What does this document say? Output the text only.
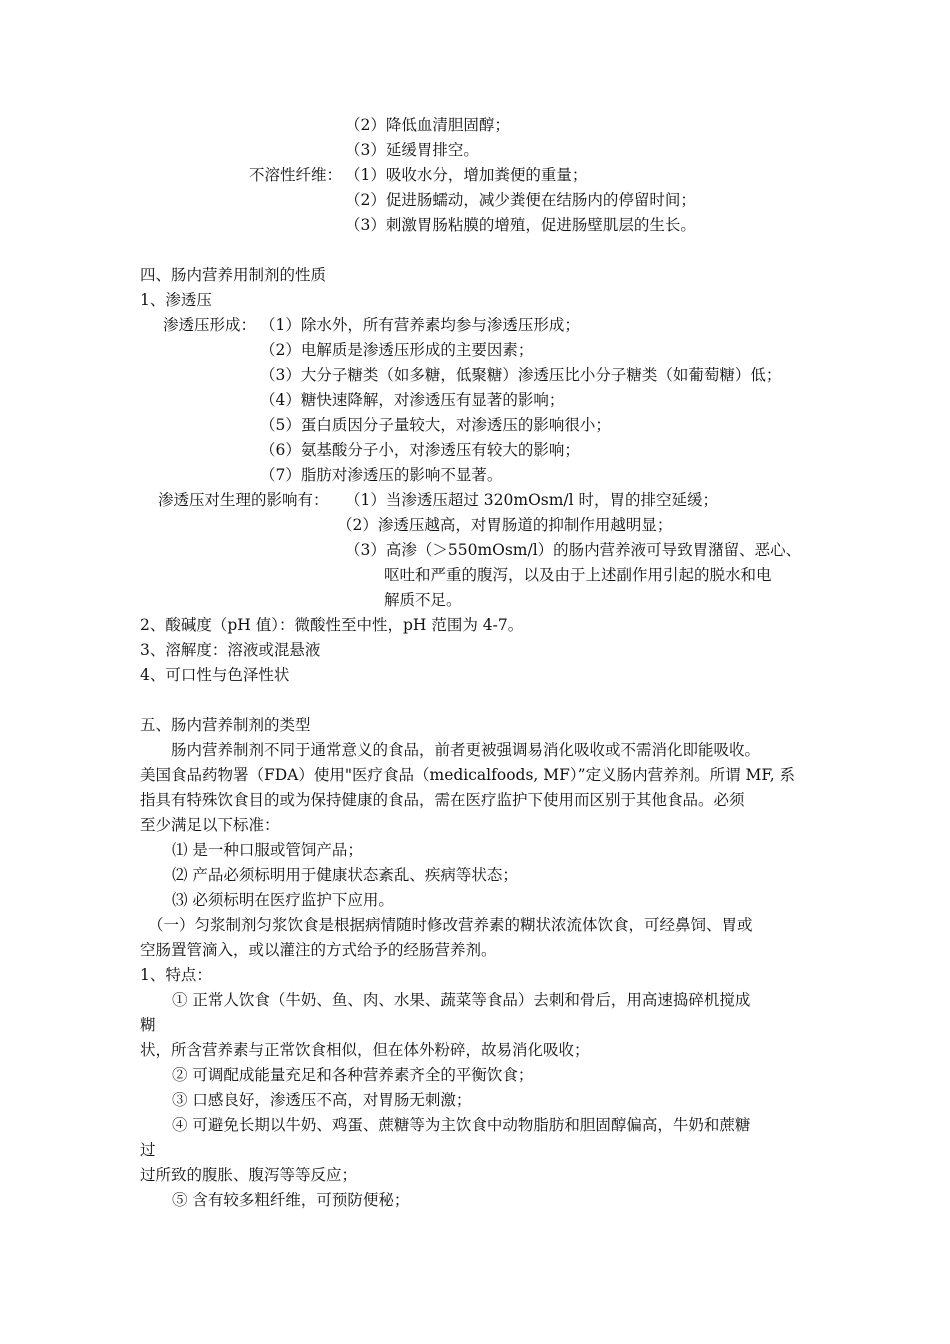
（2）降低血清胆固醇；

（3）延缓胃排空。

不溶性纤维： （1）吸收水分，增加粪便的重量；

（2）促进肠蠕动，减少粪便在结肠内的停留时间；

（3）刺激胃肠粘膜的增殖，促进肠壁肌层的生长。

四、肠内营养用制剂的性质

1、渗透压

渗透压形成： （1）除水外，所有营养素均参与渗透压形成；

（2）电解质是渗透压形成的主要因素；

（3）大分子糖类（如多糖，低聚糖）渗透压比小分子糖类（如葡萄糖）低；

（4）糖快速降解，对渗透压有显著的影响；

（5）蛋白质因分子量较大，对渗透压的影响很小；

（6）氨基酸分子小，对渗透压有较大的影响；

（7）脂肪对渗透压的影响不显著。

渗透压对生理的影响有： （1）当渗透压超过 320mOsm/l 时，胃的排空延缓；

（2）渗透压越高，对胃肠道的抑制作用越明显；

（3）高渗（＞550mOsm/l）的肠内营养液可导致胃潴留、恶心、

呕吐和严重的腹泻，以及由于上述副作用引起的脱水和电

解质不足。

2、酸碱度（pH 值）：微酸性至中性，pH 范围为 4-7。

3、溶解度：溶液或混悬液

4、可口性与色泽性状

五、肠内营养制剂的类型

肠内营养制剂不同于通常意义的食品，前者更被强调易消化吸收或不需消化即能吸收。

美国食品药物署（FDA）使用"医疗食品（medicalfoods, MF）”定义肠内营养剂。所谓 MF, 系

指具有特殊饮食目的或为保持健康的食品，需在医疗监护下使用而区别于其他食品。必须

至少满足以下标准：

⑴ 是一种口服或管饲产品；

⑵ 产品必须标明用于健康状态紊乱、疾病等状态；

⑶ 必须标明在医疗监护下应用。

（一）匀浆制剂匀浆饮食是根据病情随时修改营养素的糊状浓流体饮食，可经鼻饲、胃或

空肠置管滴入，或以灌注的方式给予的经肠营养剂。

1、特点：

① 正常人饮食（牛奶、鱼、肉、水果、蔬菜等食品）去刺和骨后，用高速捣碎机搅成

糊

状，所含营养素与正常饮食相似，但在体外粉碎，故易消化吸收；

② 可调配成能量充足和各种营养素齐全的平衡饮食；

③ 口感良好，渗透压不高，对胃肠无刺激；

④ 可避免长期以牛奶、鸡蛋、蔗糖等为主饮食中动物脂肪和胆固醇偏高，牛奶和蔗糖

过

过所致的腹胀、腹泻等等反应；

⑤ 含有较多粗纤维，可预防便秘；
